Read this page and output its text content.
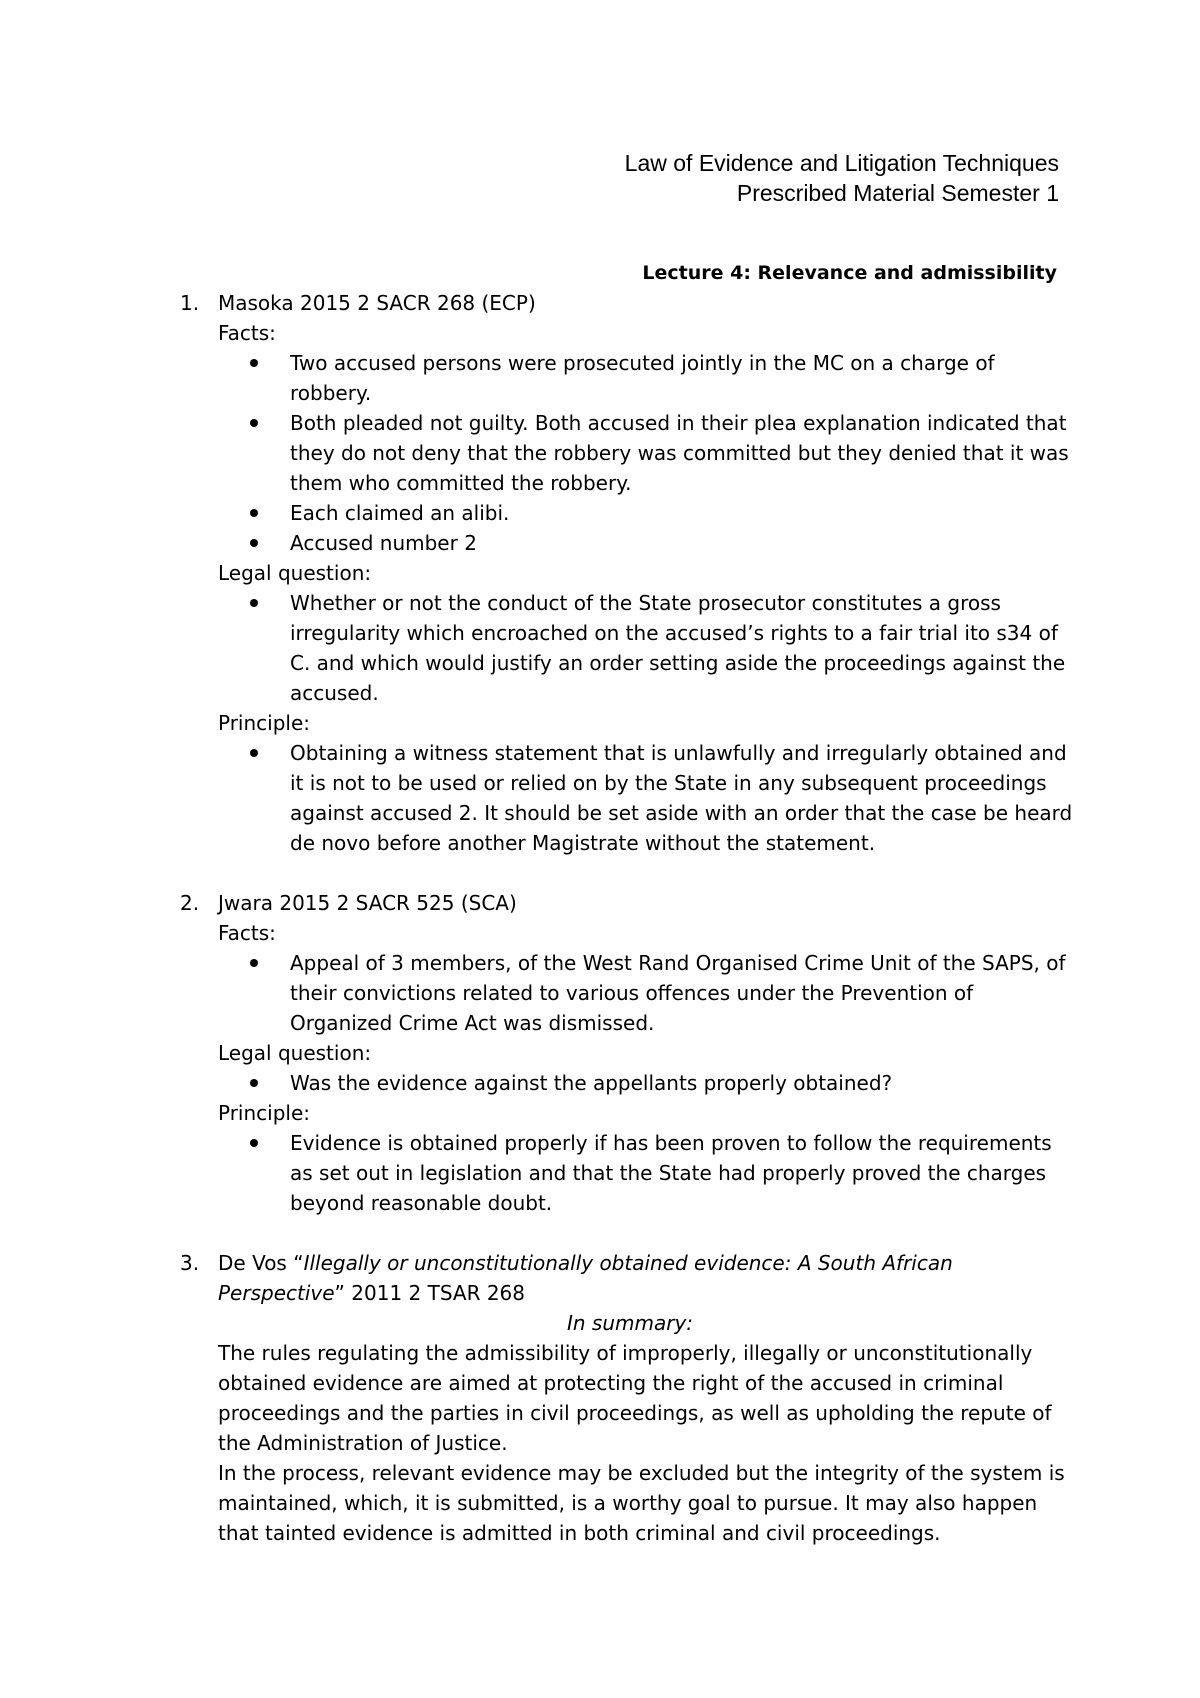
Law of Evidence and Litigation Techniques
Prescribed Material Semester 1
Lecture 4: Relevance and admissibility
1. Masoka 2015 2 SACR 268 (ECP)
Facts:
Two accused persons were prosecuted jointly in the MC on a charge of robbery.
Both pleaded not guilty. Both accused in their plea explanation indicated that they do not deny that the robbery was committed but they denied that it was them who committed the robbery.
Each claimed an alibi.
Accused number 2
Legal question:
Whether or not the conduct of the State prosecutor constitutes a gross irregularity which encroached on the accused’s rights to a fair trial ito s34 of C. and which would justify an order setting aside the proceedings against the accused.
Principle:
Obtaining a witness statement that is unlawfully and irregularly obtained and it is not to be used or relied on by the State in any subsequent proceedings against accused 2. It should be set aside with an order that the case be heard de novo before another Magistrate without the statement.
2. Jwara 2015 2 SACR 525 (SCA)
Facts:
Appeal of 3 members, of the West Rand Organised Crime Unit of the SAPS, of their convictions related to various offences under the Prevention of Organized Crime Act was dismissed.
Legal question:
Was the evidence against the appellants properly obtained?
Principle:
Evidence is obtained properly if has been proven to follow the requirements as set out in legislation and that the State had properly proved the charges beyond reasonable doubt.
3. De Vos “Illegally or unconstitutionally obtained evidence: A South African Perspective” 2011 2 TSAR 268
In summary:
The rules regulating the admissibility of improperly, illegally or unconstitutionally obtained evidence are aimed at protecting the right of the accused in criminal proceedings and the parties in civil proceedings, as well as upholding the repute of the Administration of Justice.
In the process, relevant evidence may be excluded but the integrity of the system is maintained, which, it is submitted, is a worthy goal to pursue. It may also happen that tainted evidence is admitted in both criminal and civil proceedings.
